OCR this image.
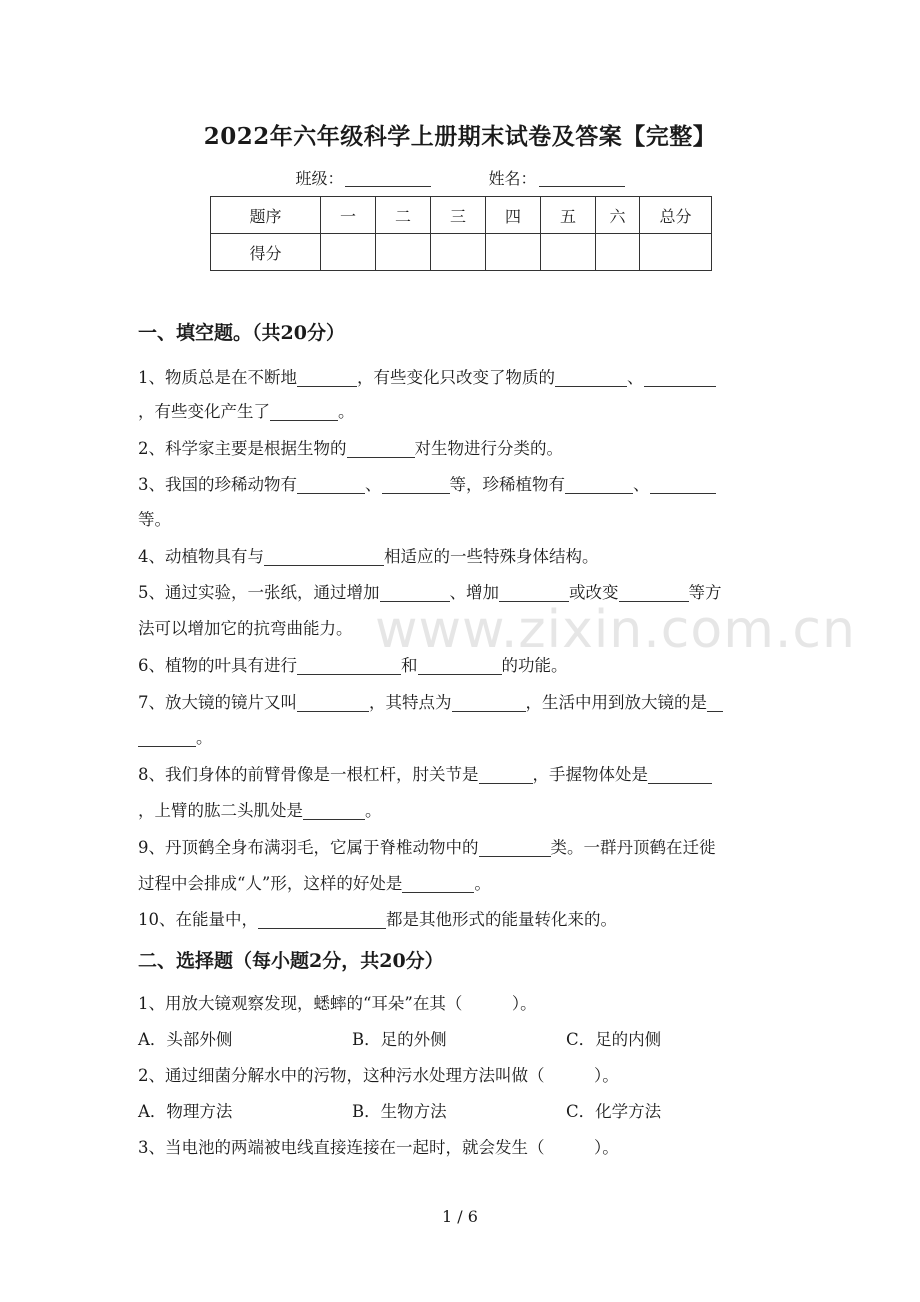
www.zixin.com.cn
2022年六年级科学上册期末试卷及答案【完整】
班级：	姓名：
题序	一	二	三	四	五	六	总分
得分							
一、填空题。（共20分）
1、物质总是在不断地	，有些变化只改变了物质的	、
，有些变化产生了	。
2、科学家主要是根据生物的	对生物进行分类的。
3、我国的珍稀动物有	、	等，珍稀植物有	、
等。
4、动植物具有与	相适应的一些特殊身体结构。
5、通过实验，一张纸，通过增加	、增加	或改变	等方
法可以增加它的抗弯曲能力。
6、植物的叶具有进行	和	的功能。
7、放大镜的镜片又叫	，其特点为	，生活中用到放大镜的是
。
8、我们身体的前臂骨像是一根杠杆，肘关节是	，手握物体处是
，上臂的肱二头肌处是	。
9、丹顶鹤全身布满羽毛，它属于脊椎动物中的	类。一群丹顶鹤在迁徙
过程中会排成“人”形，这样的好处是	。
10、在能量中，	都是其他形式的能量转化来的。
二、选择题（每小题2分，共20分）
1、用放大镜观察发现，蟋蟀的“耳朵”在其（　　　）。
A．头部外侧	B．足的外侧	C．足的内侧
2、通过细菌分解水中的污物，这种污水处理方法叫做（　　　）。
A．物理方法	B．生物方法	C．化学方法
3、当电池的两端被电线直接连接在一起时，就会发生（　　　）。
1 / 6
